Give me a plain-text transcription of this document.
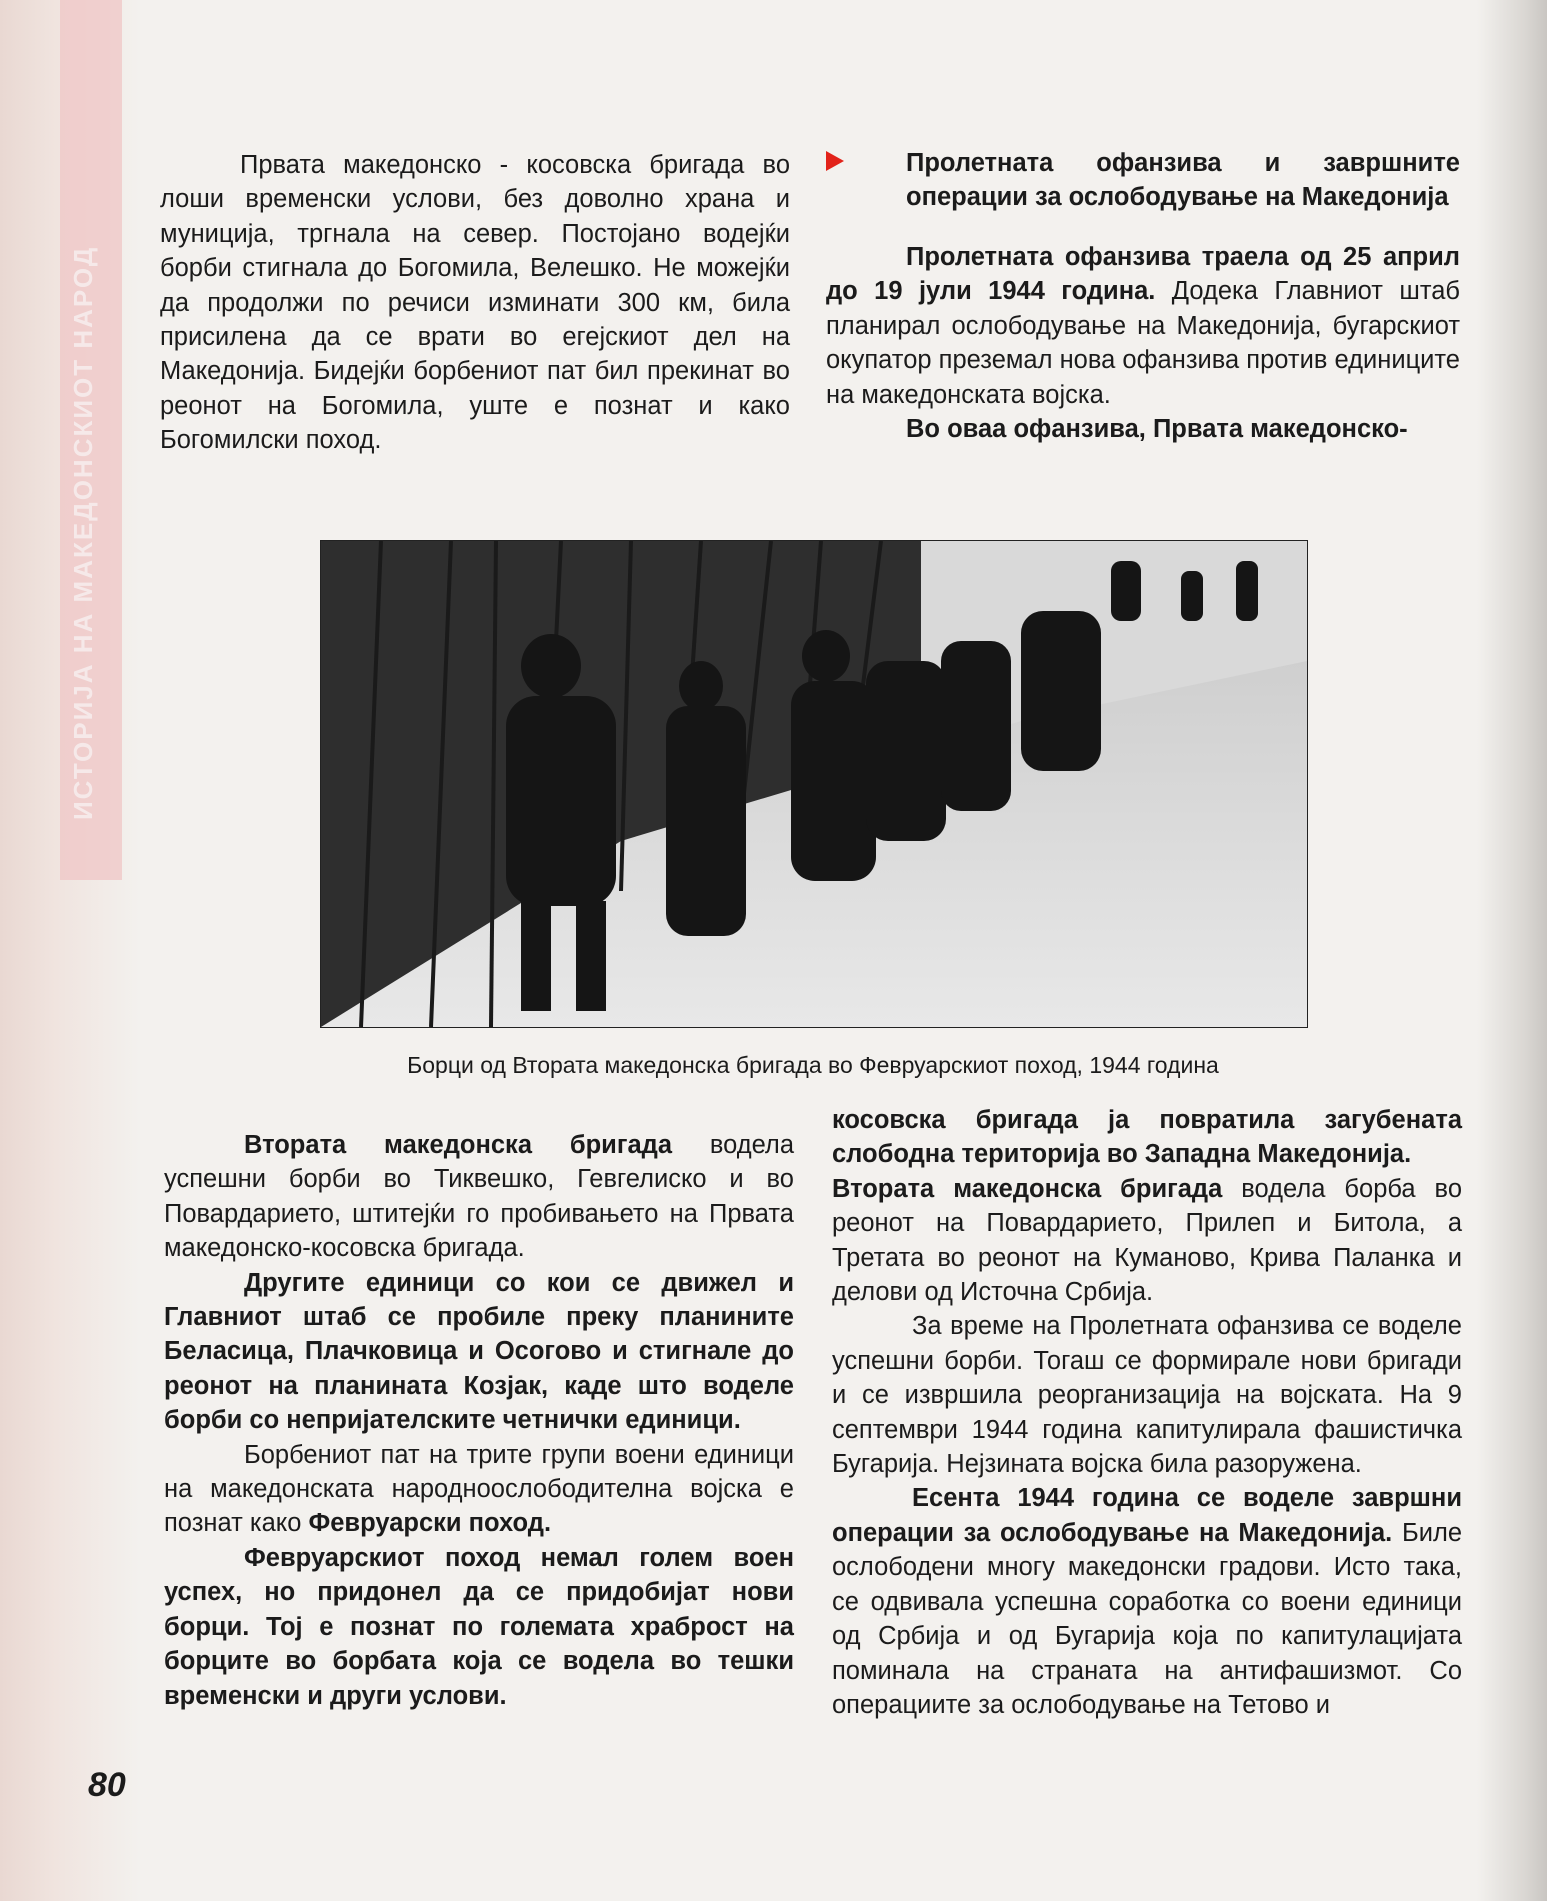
ИСТОРИЈА НА МАКЕДОНСКИОТ НАРОД

Првата македонско - косовска бригада во лоши временски услови, без доволно храна и муниција, тргнала на север. Постојано водејќи борби стигнала до Богомила, Велешко. Не можејќи да продолжи по речиси изминати 300 км, била присилена да се врати во егејскиот дел на Македонија. Бидејќи борбениот пат бил прекинат во реонот на Богомила, уште е познат и како Богомилски поход.

Пролетната офанзива и завршните операции за ослободување на Македонија

Пролетната офанзива траела од 25 април до 19 јули 1944 година. Додека Главниот штаб планирал ослободување на Македонија, бугарскиот окупатор преземал нова офанзива против единиците на македонската војска.

Во оваа офанзива, Првата македонско-

Борци од Втората македонска бригада во Февруарскиот поход, 1944 година

Втората македонска бригада водела успешни борби во Тиквешко, Гевгелиско и во Повардарието, штитејќи го пробивањето на Првата македонско-косовска бригада.

Другите единици со кои се движел и Главниот штаб се пробиле преку планините Беласица, Плачковица и Осогово и стигнале до реонот на планината Козјак, каде што воделе борби со непријателските четнички единици.

Борбениот пат на трите групи воени единици на македонската народноослободителна војска е познат како Февруарски поход.

Февруарскиот поход немал голем воен успех, но придонел да се придобијат нови борци. Тој е познат по големата храброст на борците во борбата која се водела во тешки временски и други услови.

косовска бригада ја повратила загубената слободна територија во Западна Македонија.

Втората македонска бригада водела борба во реонот на Повардарието, Прилеп и Битола, а Третата во реонот на Куманово, Крива Паланка и делови од Источна Србија.

За време на Пролетната офанзива се воделе успешни борби. Тогаш се формирале нови бригади и се извршила реорганизација на војската. На 9 септември 1944 година капитулирала фашистичка Бугарија. Нејзината војска била разоружена.

Есента 1944 година се воделе завршни операции за ослободување на Македонија. Биле ослободени многу македонски градови. Исто така, се одвивала успешна соработка со воени единици од Србија и од Бугарија која по капитулацијата поминала на страната на антифашизмот. Со операциите за ослободување на Тетово и

80
